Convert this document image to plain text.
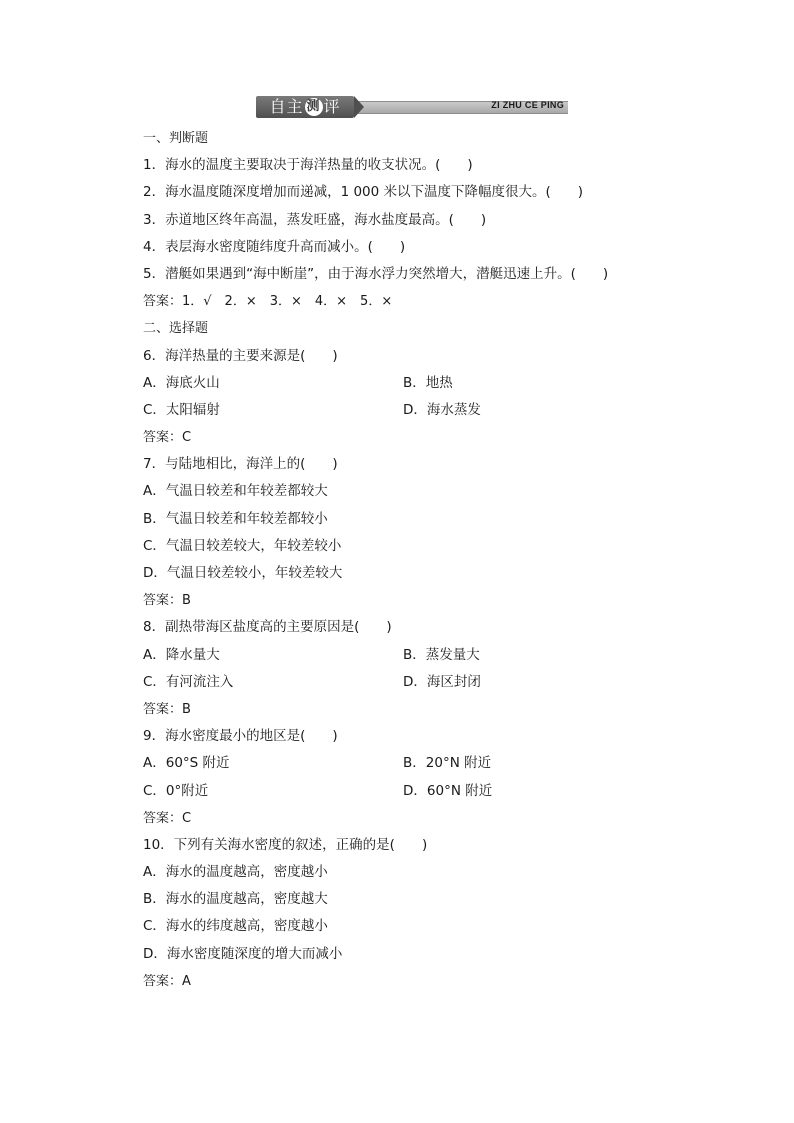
自主 测 评	ZI ZHU CE PING
一、判断题
1．海水的温度主要取决于海洋热量的收支状况。(　　)
2．海水温度随深度增加而递减，1 000 米以下温度下降幅度很大。(　　)
3．赤道地区终年高温，蒸发旺盛，海水盐度最高。(　　)
4．表层海水密度随纬度升高而减小。(　　)
5．潜艇如果遇到“海中断崖”，由于海水浮力突然增大，潜艇迅速上升。(　　)
答案：1．√　2．×　3．×　4．×　5．×
二、选择题
6．海洋热量的主要来源是(　　)
A．海底火山	B．地热
C．太阳辐射	D．海水蒸发
答案：C
7．与陆地相比，海洋上的(　　)
A．气温日较差和年较差都较大
B．气温日较差和年较差都较小
C．气温日较差较大，年较差较小
D．气温日较差较小，年较差较大
答案：B
8．副热带海区盐度高的主要原因是(　　)
A．降水量大	B．蒸发量大
C．有河流注入	D．海区封闭
答案：B
9．海水密度最小的地区是(　　)
A．60°S 附近	B．20°N 附近
C．0°附近	D．60°N 附近
答案：C
10．下列有关海水密度的叙述，正确的是(　　)
A．海水的温度越高，密度越小
B．海水的温度越高，密度越大
C．海水的纬度越高，密度越小
D．海水密度随深度的增大而减小
答案：A
